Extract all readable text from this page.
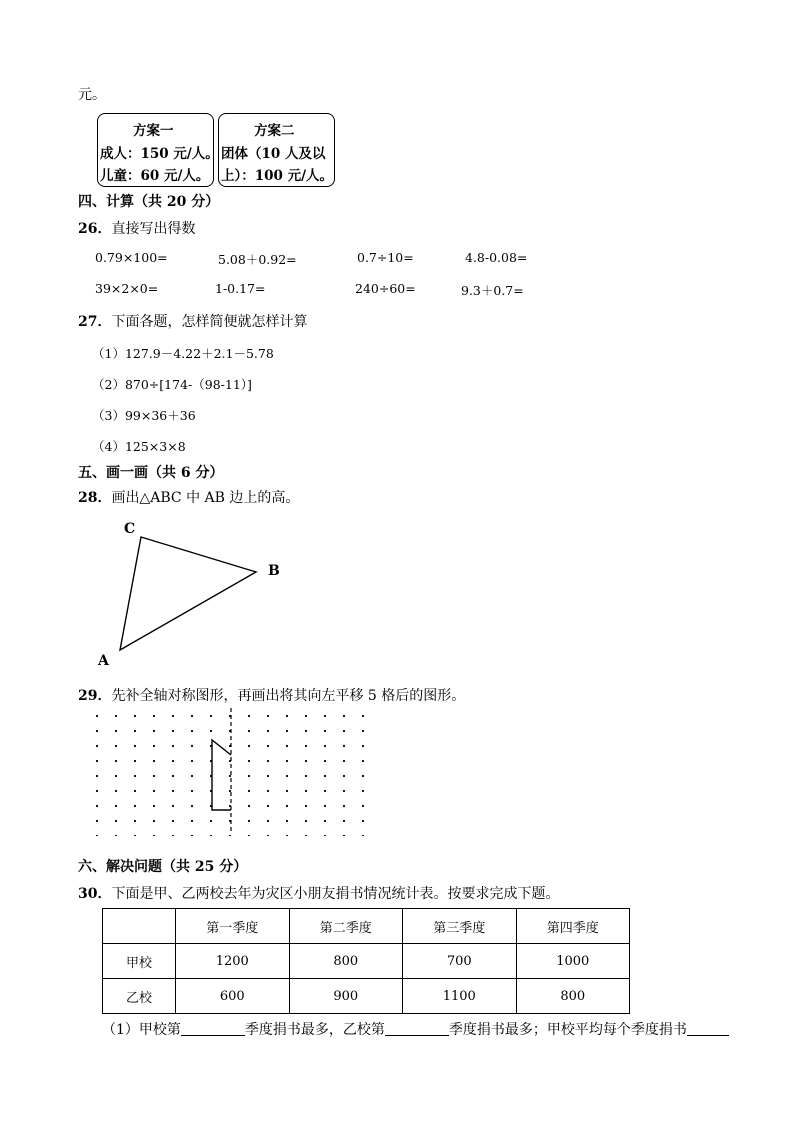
元。
方案一
成人：150 元/人。
儿童：60 元/人。
方案二
团体（10 人及以
上）：100 元/人。
四、计算（共 20 分）
26．直接写出得数
0.79×100=	5.08＋0.92=	0.7÷10=	4.8-0.08=
39×2×0=	1-0.17=	240÷60=	9.3＋0.7=
27．下面各题，怎样简便就怎样计算
（1）127.9－4.22＋2.1－5.78
（2）870÷[174-（98-11）]
（3）99×36＋36
（4）125×3×8
五、画一画（共 6 分）
28．画出△ABC 中 AB 边上的高。
C
B
A
29．先补全轴对称图形，再画出将其向左平移 5 格后的图形。
六、解决问题（共 25 分）
30．下面是甲、乙两校去年为灾区小朋友捐书情况统计表。按要求完成下题。
	第一季度	第二季度	第三季度	第四季度
甲校	1200	800	700	1000
乙校	600	900	1100	800
（1）甲校第	季度捐书最多，乙校第	季度捐书最多；甲校平均每个季度捐书
